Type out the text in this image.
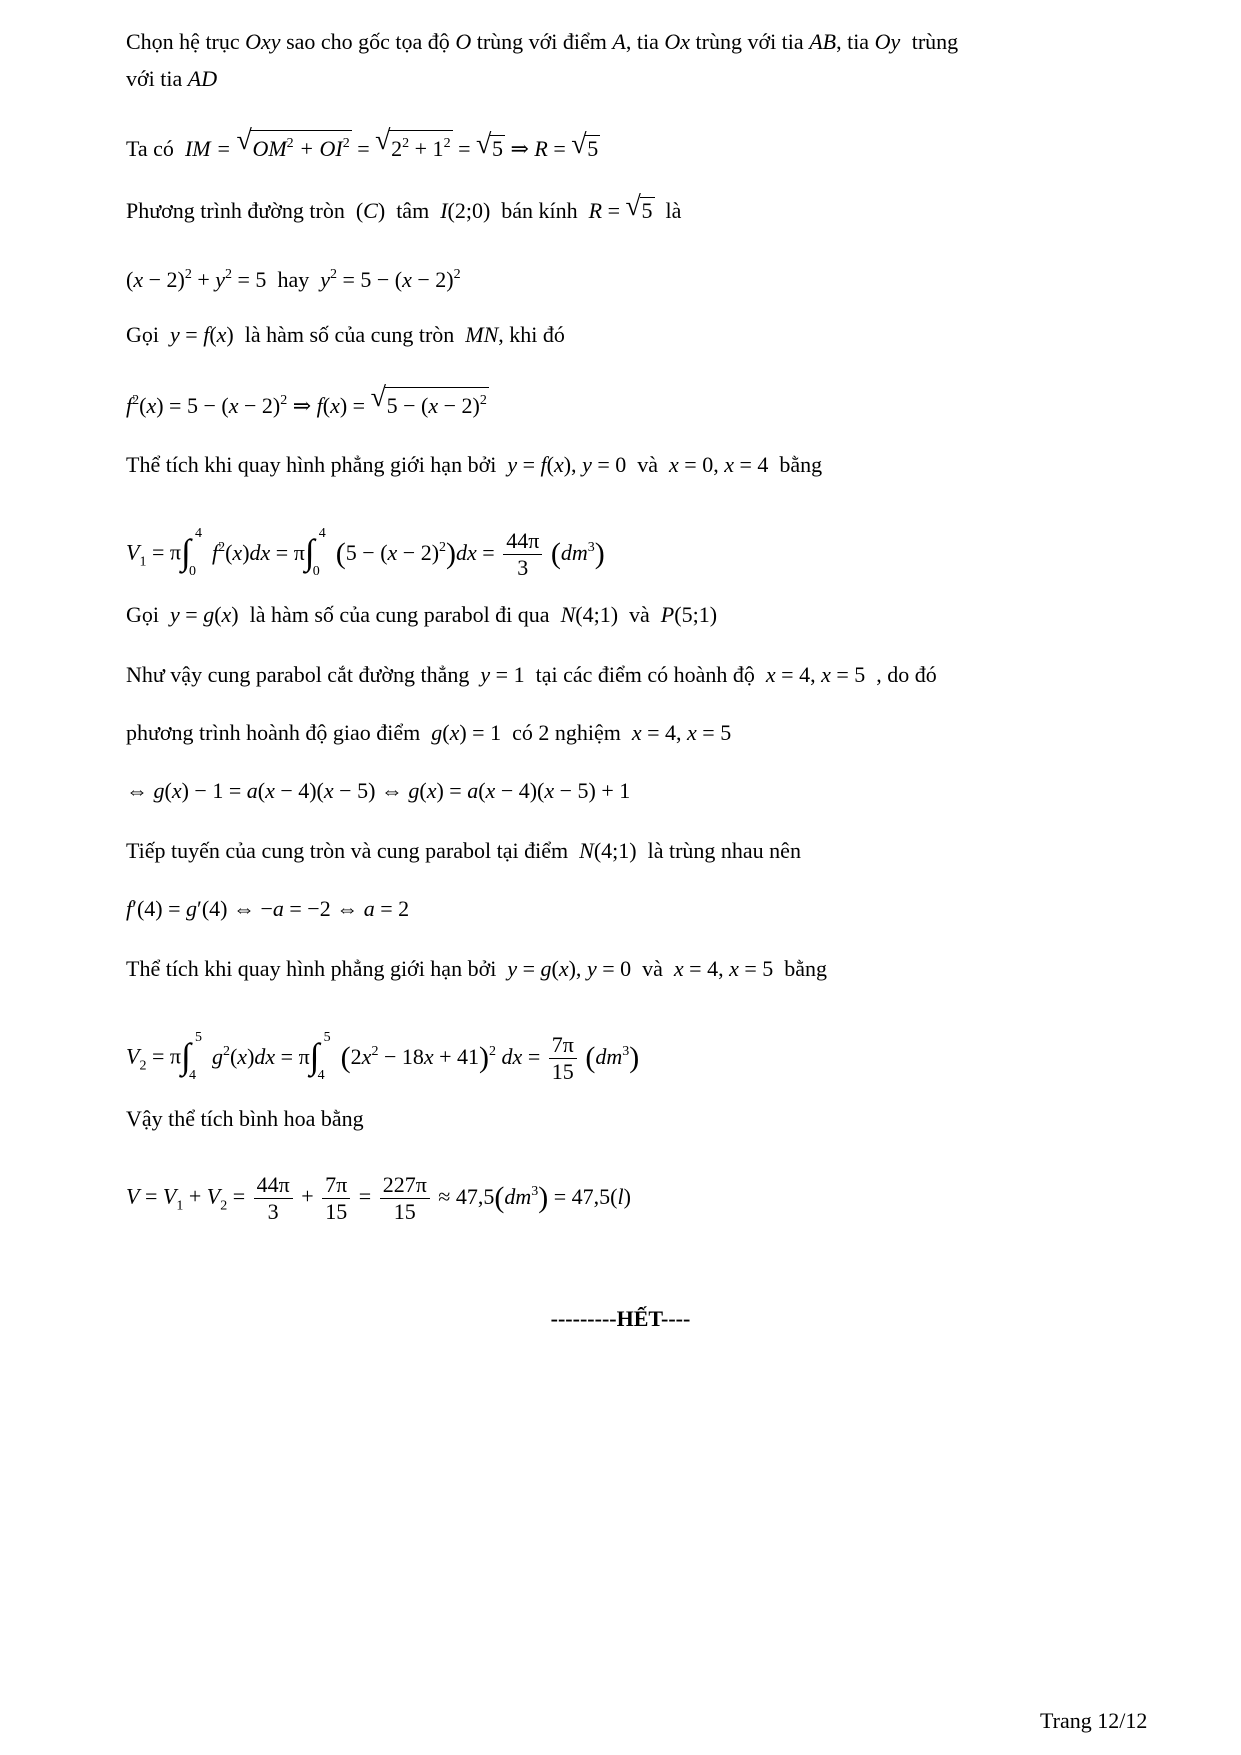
Chọn hệ trục Oxy sao cho gốc tọa độ O trùng với điểm A, tia Ox trùng với tia AB, tia Oy trùng
với tia AD
Ta có  IM = √ $OM^2 + OI^2$ = √ $2^2 + 1^2$ = √ 5 ⇒ R = √ 5
Phương trình đường tròn  (C)  tâm I(2;0)  bán kính R = √ 5 là
$(x - 2)^2 + y^2 = 5$  hay $y^2 = 5 - (x - 2)^2$
Gọi y = f(x)  là hàm số của cung tròn  MN, khi đó
$f^2(x) = 5 - (x - 2)^2$ ⇒ f(x) = √ $5 - (x - 2)^2$
Thể tích khi quay hình phẳng giới hạn bởi y = f(x), y = 0  và x = 0, x = 4  bằng
$V_1 = \pi\int$ 4
0
$f^2(x)dx = \pi\int$ 4
0
$(5 - (x - 2)^2)dx = \frac{44\pi}{3} (dm^3)$
Gọi y = g(x)  là hàm số của cung parabol đi qua N(4;1)  và P(5;1)
Như vậy cung parabol cắt đường thẳng y = 1  tại các điểm có hoành độ x = 4, x = 5  , do đó
phương trình hoành độ giao điểm g(x) = 1  có 2 nghiệm x = 4, x = 5
⇔ g(x) − 1 = a(x − 4)(x − 5) ⇔ g(x) = a(x − 4)(x − 5) + 1
Tiếp tuyến của cung tròn và cung parabol tại điểm N(4;1)  là trùng nhau nên
f′(4) = g′(4) ⇔ −a = −2 ⇔ a = 2
Thể tích khi quay hình phẳng giới hạn bởi y = g(x), y = 0  và x = 4, x = 5  bằng
$V_2 = \pi\int$ 5
4
$g^2(x)dx = \pi\int$ 5
4
$(2x^2 - 18x + 41)^2$ dx = $\frac{7\pi}{15} (dm^3)$
Vậy thể tích bình hoa bằng
$V = V_1 + V_2 = \frac{44\pi}{3} + \frac{7\pi}{15} = \frac{227\pi}{15} \approx 47,5(dm^3) = 47,5(l)$
---------HẾT----
Trang 12/12
